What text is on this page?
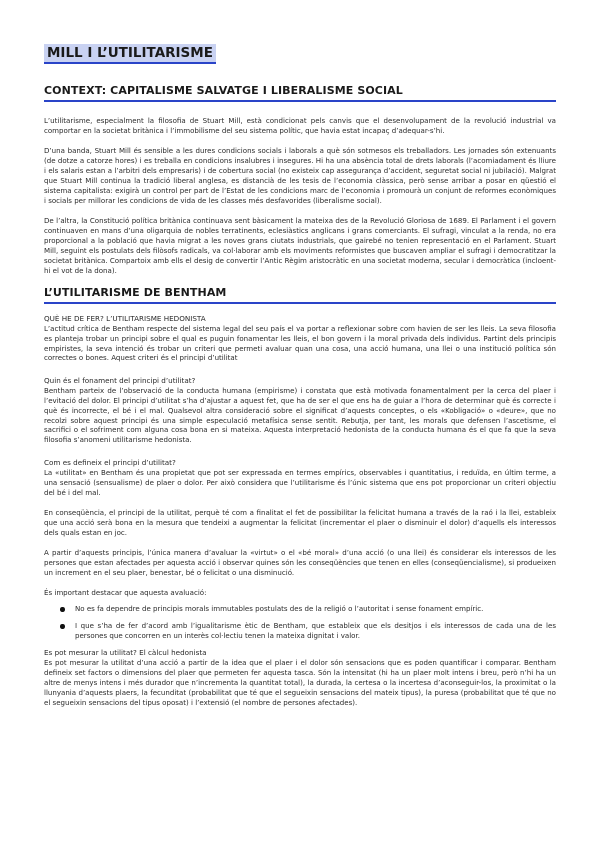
MILL I L’UTILITARISME
CONTEXT: CAPITALISME SALVATGE I LIBERALISME SOCIAL

L’utilitarisme, especialment la filosofia de Stuart Mill, està condicionat pels canvis que el desenvolupament de la revolució industrial va comportar en la societat britànica i l’immobilisme del seu sistema polític, que havia estat incapaç d’adequar-s’hi.

D’una banda, Stuart Mill és sensible a les dures condicions socials i laborals a què són sotmesos els treballadors. Les jornades són extenuants (de dotze a catorze hores) i es treballa en condicions insalubres i insegures. Hi ha una absència total de drets laborals (l’acomiadament és lliure i els salaris estan a l’arbitri dels empresaris) i de cobertura social (no existeix cap assegurança d’accident, seguretat social ni jubilació). Malgrat que Stuart Mill continua la tradició liberal anglesa, es distancià de les tesis de l’economia clàssica, però sense arribar a posar en qüestió el sistema capitalista: exigirà un control per part de l’Estat de les condicions marc de l’economia i promourà un conjunt de reformes econòmiques i socials per millorar les condicions de vida de les classes més desfavorides (liberalisme social).

De l’altra, la Constitució política britànica continuava sent bàsicament la mateixa des de la Revolució Gloriosa de 1689. El Parlament i el govern continuaven en mans d’una oligarquia de nobles terratinents, eclesiàstics anglicans i grans comerciants. El sufragi, vinculat a la renda, no era proporcional a la població que havia migrat a les noves grans ciutats industrials, que gairebé no tenien representació en el Parlament. Stuart Mill, seguint els postulats dels filòsofs radicals, va col·laborar amb els moviments reformistes que buscaven ampliar el sufragi i democratitzar la societat britànica. Compartoix amb ells el desig de convertir l’Antic Règim aristocràtic en una societat moderna, secular i democràtica (incloent-hi el vot de la dona).

L’UTILITARISME DE BENTHAM
QUÈ HE DE FER? L’UTILITARISME HEDONISTA

L’actitud crítica de Bentham respecte del sistema legal del seu país el va portar a reflexionar sobre com havien de ser les lleis. La seva filosofia es planteja trobar un principi sobre el qual es puguin fonamentar les lleis, el bon govern i la moral privada dels individus. Partint dels principis empiristes, la seva intenció és trobar un criteri que permeti avaluar quan una cosa, una acció humana, una llei o una institució política són correctes o bones. Aquest criteri és el principi d’utilitat

Quin és el fonament del principi d’utilitat?

Bentham parteix de l’observació de la conducta humana (empirisme) i constata que està motivada fonamentalment per la cerca del plaer i l’evitació del dolor. El principi d’utilitat s’ha d’ajustar a aquest fet, que ha de ser el que ens ha de guiar a l’hora de determinar què és correcte i què és incorrecte, el bé i el mal. Qualsevol altra consideració sobre el significat d’aquests conceptes, o els «Kobligació» o «deure», que no recolzi sobre aquest principi és una simple especulació metafísica sense sentit. Rebutja, per tant, les morals que defensen l’ascetisme, el sacrifici o el sofriment com alguna cosa bona en si mateixa. Aquesta interpretació hedonista de la conducta humana és el que fa que la seva filosofia s’anomeni utilitarisme hedonista.

Com es defineix el principi d’utilitat?

La «utilitat» en Bentham és una propietat que pot ser expressada en termes empírics, observables i quantitatius, i reduïda, en últim terme, a una sensació (sensualisme) de plaer o dolor. Per això considera que l’utilitarisme és l’únic sistema que ens pot proporcionar un criteri objectiu del bé i del mal.

En conseqüència, el principi de la utilitat, perquè té com a finalitat el fet de possibilitar la felicitat humana a través de la raó i la llei, estableix que una acció serà bona en la mesura que tendeixi a augmentar la felicitat (incrementar el plaer o disminuir el dolor) d’aquells els interessos dels quals estan en joc.

A partir d’aquests principis, l’única manera d’avaluar la «virtut» o el «bé moral» d’una acció (o una llei) és considerar els interessos de les persones que estan afectades per aquesta acció i observar quines són les conseqüències que tenen en elles (conseqüencialisme), si produeixen un increment en el seu plaer, benestar, bé o felicitat o una disminució.

És important destacar que aquesta avaluació:

No es fa dependre de principis morals immutables postulats des de la religió o l’autoritat i sense fonament empíric.
I que s’ha de fer d’acord amb l’igualitarisme ètic de Bentham, que estableix que els desitjos i els interessos de cada una de les persones que concorren en un interès col·lectiu tenen la mateixa dignitat i valor.
Es pot mesurar la utilitat? El càlcul hedonista

Es pot mesurar la utilitat d’una acció a partir de la idea que el plaer i el dolor són sensacions que es poden quantificar i comparar. Bentham defineix set factors o dimensions del plaer que permeten fer aquesta tasca. Són la intensitat (hi ha un plaer molt intens i breu, però n’hi ha un altre de menys intens i més durador que n’incrementa la quantitat total), la durada, la certesa o la incertesa d’aconseguir-los, la proximitat o la llunyania d’aquests plaers, la fecunditat (probabilitat que té que el segueixin sensacions del mateix tipus), la puresa (probabilitat que té que no el segueixin sensacions del tipus oposat) i l’extensió (el nombre de persones afectades).
